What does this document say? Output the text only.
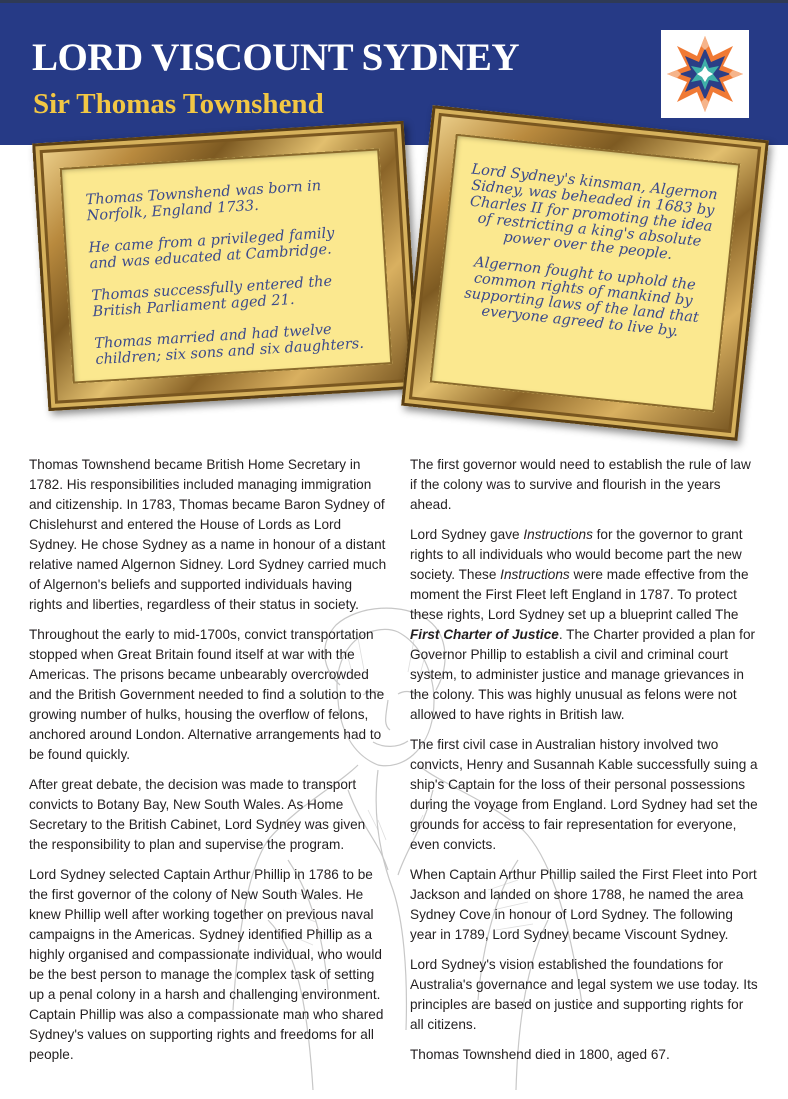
LORD VISCOUNT SYDNEY
Sir Thomas Townshend

Thomas Townshend was born in Norfolk, England 1733.

He came from a privileged family and was educated at Cambridge.

Thomas successfully entered the British Parliament aged 21.

Thomas married and had twelve children; six sons and six daughters.

Lord Sydney's kinsman, Algernon Sidney, was beheaded in 1683 by Charles II for promoting the idea of restricting a king's absolute power over the people.

Algernon fought to uphold the common rights of mankind by supporting laws of the land that everyone agreed to live by.

Thomas Townshend became British Home Secretary in 1782. His responsibilities included managing immigration and citizenship. In 1783, Thomas became Baron Sydney of Chislehurst and entered the House of Lords as Lord Sydney. He chose Sydney as a name in honour of a distant relative named Algernon Sidney. Lord Sydney carried much of Algernon's beliefs and supported individuals having rights and liberties, regardless of their status in society.

Throughout the early to mid-1700s, convict transportation stopped when Great Britain found itself at war with the Americas. The prisons became unbearably overcrowded and the British Government needed to find a solution to the growing number of hulks, housing the overflow of felons, anchored around London. Alternative arrangements had to be found quickly.

After great debate, the decision was made to transport convicts to Botany Bay, New South Wales. As Home Secretary to the British Cabinet, Lord Sydney was given the responsibility to plan and supervise the program.

Lord Sydney selected Captain Arthur Phillip in 1786 to be the first governor of the colony of New South Wales. He knew Phillip well after working together on previous naval campaigns in the Americas. Sydney identified Phillip as a highly organised and compassionate individual, who would be the best person to manage the complex task of setting up a penal colony in a harsh and challenging environment. Captain Phillip was also a compassionate man who shared Sydney's values on supporting rights and freedoms for all people.

The first governor would need to establish the rule of law if the colony was to survive and flourish in the years ahead.

Lord Sydney gave Instructions for the governor to grant rights to all individuals who would become part the new society. These Instructions were made effective from the moment the First Fleet left England in 1787. To protect these rights, Lord Sydney set up a blueprint called The First Charter of Justice. The Charter provided a plan for Governor Phillip to establish a civil and criminal court system, to administer justice and manage grievances in the colony. This was highly unusual as felons were not allowed to have rights in British law.

The first civil case in Australian history involved two convicts, Henry and Susannah Kable successfully suing a ship's Captain for the loss of their personal possessions during the voyage from England. Lord Sydney had set the grounds for access to fair representation for everyone, even convicts.

When Captain Arthur Phillip sailed the First Fleet into Port Jackson and landed on shore 1788, he named the area Sydney Cove in honour of Lord Sydney. The following year in 1789, Lord Sydney became Viscount Sydney.

Lord Sydney's vision established the foundations for Australia's governance and legal system we use today. Its principles are based on justice and supporting rights for all citizens.

Thomas Townshend died in 1800, aged 67.
